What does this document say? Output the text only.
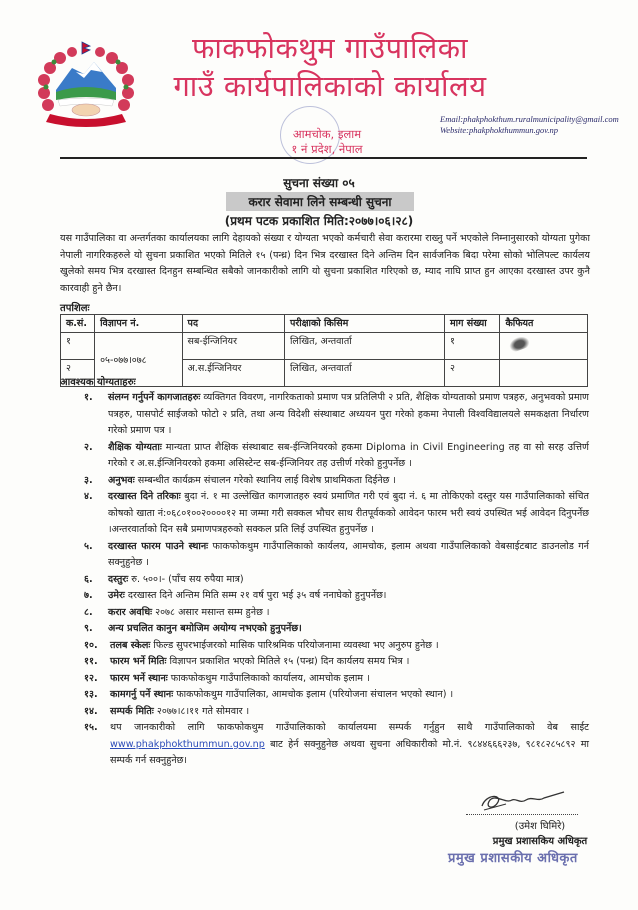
फाकफोकथुम गाउँपालिका
गाउँ कार्यपालिकाको कार्यालय
आमचोक, इलाम
१ नं प्रदेश, नेपाल
Email:phakphokthum.ruralmunicipality@gmail.com
Website:phakphokthummun.gov.np
सुचना संख्या ०५
करार सेवामा लिने सम्बन्धी सुचना
(प्रथम पटक प्रकाशित मिति:२०७७।०६।२८)
यस गाउँपालिका वा अन्तर्गतका कार्यालयका लागि देहायको संख्या र योग्यता भएको कर्मचारी सेवा करारमा राख्नु पर्ने भएकोले निम्नानुसारको योग्यता पुगेका नेपाली नागरिकहरुले यो सुचना प्रकाशित भएको मितिले १५ (पन्ध्र) दिन भित्र दरखास्त दिने अन्तिम दिन सार्वजनिक बिदा परेमा सोको भोलिपल्ट कार्यलय खुलेको समय भित्र दरखास्त दिनहुन सम्बन्धित सबैको जानकारीको लागि यो सुचना प्रकाशित गरिएको छ, म्याद नाघि प्राप्त हुन आएका दरखास्त उपर कुनै कारवाही हुने छैन।
तपशिलः
क.सं.	विज्ञापन नं.	पद	परीक्षाको किसिम	माग संख्या	कैफियत
१	०५-०७७।०७८	सब-ईन्जिनियर	लिखित, अन्तवार्ता	१	
२		अ.स.ईन्जिनियर	लिखित, अन्तवार्ता	२	
आवश्यक योग्यताहरुः
१. संलग्न गर्नुपर्ने कागजातहरुः व्यक्तिगत विवरण, नागरिकताको प्रमाण पत्र प्रतिलिपी २ प्रति, शैक्षिक योग्यताको प्रमाण पत्रहरु, अनुभवको प्रमाण पत्रहरु, पासपोर्ट साईजको फोटो २ प्रति, तथा अन्य विदेशी संस्थाबाट अध्ययन पुरा गरेको हकमा नेपाली विश्वविद्यालयले समकक्षता निर्धारण गरेको प्रमाण पत्र ।
२. शैक्षिक योग्यताः मान्यता प्राप्त शैक्षिक संस्थाबाट सब-ईन्जिनियरको हकमा Diploma in Civil Engineering तह वा सो सरह उत्तिर्ण गरेको र अ.स.ईन्जिनियरको हकमा असिस्टेन्ट सब-ईन्जिनियर तह उत्तीर्ण गरेको हुनुपर्नेछ ।
३. अनुभवः सम्बन्धीत कार्यक्रम संचालन गरेको स्थानिय लाई विशेष प्राथमिकता दिईनेछ ।
४. दरखास्त दिने तरिकाः बुदा नं. १ मा उल्लेखित कागजातहरु स्वयं प्रमाणित गरी एवं बुदा नं. ६ मा तोकिएको दस्तुर यस गाउँपालिकाको संचित कोषको खाता नं:०६८०१००२००००१२ मा जम्मा गरी सक्कल भौचर साथ रीतपूर्वकको आवेदन फारम भरी स्वयं उपस्थित भई आवेदन दिनुपर्नेछ ।अन्तरवार्ताको दिन सबै प्रमाणपत्रहरुको सक्कल प्रति लिई उपस्थित हुनुपर्नेछ ।
५. दरखास्त फारम पाउने स्थानः फाकफोकथुम गाउँपालिकाको कार्यलय, आमचोक, इलाम अथवा गाउँपालिकाको वेबसाईटबाट डाउनलोड गर्न सक्नुहुनेछ ।
६. दस्तुरः रु. ५००।- (पाँच सय रुपैया मात्र)
७. उमेरः दरखास्त दिने अन्तिम मिति सम्म २१ वर्ष पुरा भई ३५ वर्ष ननाघेको हुनुपर्नेछ।
८. करार अवधिः २०७८ असार मसान्त सम्म हुनेछ ।
९. अन्य प्रचलित कानुन बमोजिम अयोग्य नभएको हुनुपर्नेछ।
१०. तलब स्केलः फिल्ड सुपरभाईजरको मासिक पारिश्रमिक परियोजनामा व्यवस्था भए अनुरुप हुनेछ ।
११. फारम भर्ने मितिः विज्ञापन प्रकाशित भएको मितिले १५ (पन्ध्र) दिन कार्यलय समय भित्र ।
१२. फारम भर्ने स्थानः फाकफोकथुम गाउँपालिकाको कार्यालय, आमचोक इलाम ।
१३. कामगर्नु पर्ने स्थानः फाकफोकथुम गाउँपालिका, आमचोक इलाम (परियोजना संचालन भएको स्थान) ।
१४. सम्पर्क मितिः २०७७।८।११ गते सोमवार ।
१५. थप जानकारीको लागि फाकफोकथुम गाउँपालिकाको कार्यालयमा सम्पर्क गर्नुहुन साथै गाउँपालिकाको वेब साईट www.phakphokthummun.gov.np बाट हेर्न सक्नुहुनेछ अथवा सुचना अधिकारीको मो.नं. ९८४४६६६२३७, ९८१८२८५८९२ मा सम्पर्क गर्न सक्नुहुनेछ।
(उमेश घिमिरे)
प्रमुख प्रशासकिय अधिकृत
प्रमुख प्रशासकीय अधिकृत
